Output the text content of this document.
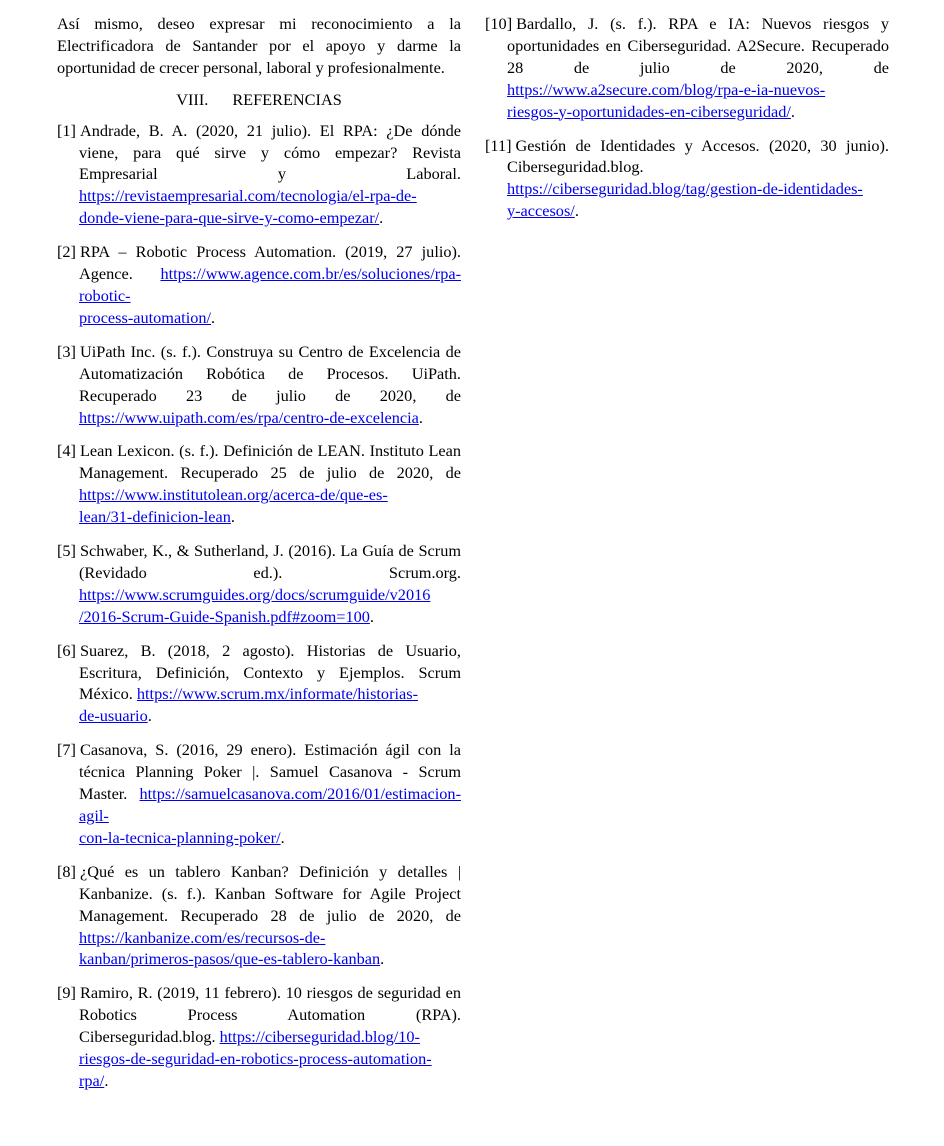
Así mismo, deseo expresar mi reconocimiento a la Electrificadora de Santander por el apoyo y darme la oportunidad de crecer personal, laboral y profesionalmente.

VIII. REFERENCIAS

[1] Andrade, B. A. (2020, 21 julio). El RPA: ¿De dónde viene, para qué sirve y cómo empezar? Revista Empresarial y Laboral. https://revistaempresarial.com/tecnologia/el-rpa-de-
donde-viene-para-que-sirve-y-como-empezar/.

[2] RPA – Robotic Process Automation. (2019, 27 julio). Agence. https://www.agence.com.br/es/soluciones/rpa-robotic-
process-automation/.

[3] UiPath Inc. (s. f.). Construya su Centro de Excelencia de Automatización Robótica de Procesos. UiPath. Recuperado 23 de julio de 2020, de https://www.uipath.com/es/rpa/centro-de-excelencia.

[4] Lean Lexicon. (s. f.). Definición de LEAN. Instituto Lean Management. Recuperado 25 de julio de 2020, de https://www.institutolean.org/acerca-de/que-es-
lean/31-definicion-lean.

[5] Schwaber, K., & Sutherland, J. (2016). La Guía de Scrum (Revidado ed.). Scrum.org. https://www.scrumguides.org/docs/scrumguide/v2016
/2016-Scrum-Guide-Spanish.pdf#zoom=100.

[6] Suarez, B. (2018, 2 agosto). Historias de Usuario, Escritura, Definición, Contexto y Ejemplos. Scrum México. https://www.scrum.mx/informate/historias-
de-usuario.

[7] Casanova, S. (2016, 29 enero). Estimación ágil con la técnica Planning Poker |. Samuel Casanova - Scrum Master. https://samuelcasanova.com/2016/01/estimacion-agil-
con-la-tecnica-planning-poker/.

[8] ¿Qué es un tablero Kanban? Definición y detalles | Kanbanize. (s. f.). Kanban Software for Agile Project Management. Recuperado 28 de julio de 2020, de https://kanbanize.com/es/recursos-de-
kanban/primeros-pasos/que-es-tablero-kanban.

[9] Ramiro, R. (2019, 11 febrero). 10 riesgos de seguridad en Robotics Process Automation (RPA). Ciberseguridad.blog. https://ciberseguridad.blog/10-
riesgos-de-seguridad-en-robotics-process-automation-
rpa/.

[10] Bardallo, J. (s. f.). RPA e IA: Nuevos riesgos y oportunidades en Ciberseguridad. A2Secure. Recuperado 28 de julio de 2020, de https://www.a2secure.com/blog/rpa-e-ia-nuevos-
riesgos-y-oportunidades-en-ciberseguridad/.

[11] Gestión de Identidades y Accesos. (2020, 30 junio). Ciberseguridad.blog. https://ciberseguridad.blog/tag/gestion-de-identidades-
y-accesos/.
